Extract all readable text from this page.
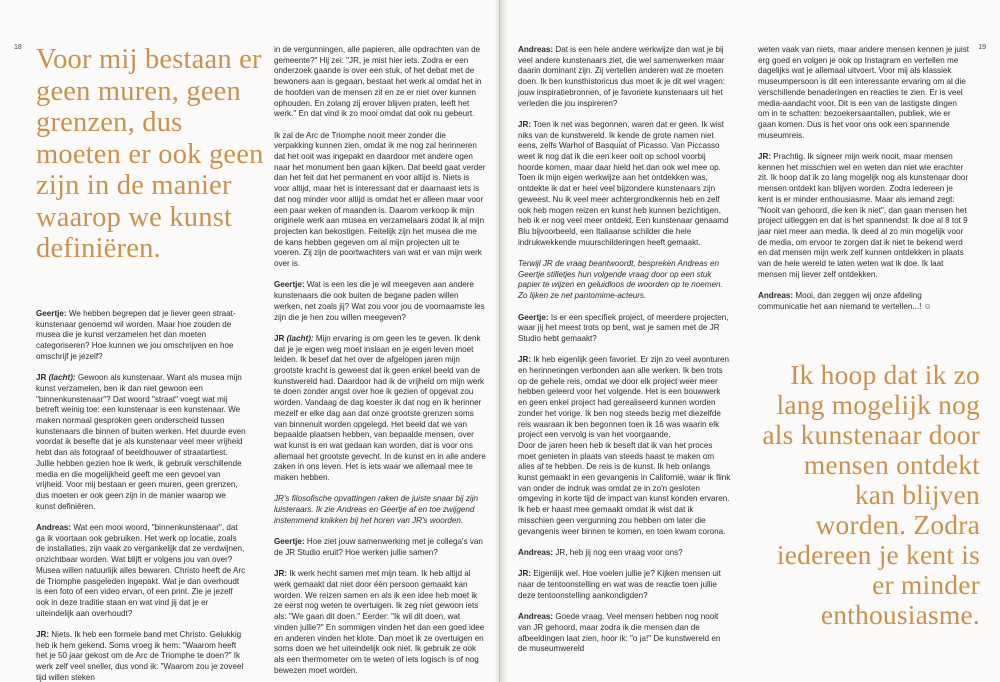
18 Voor mij bestaan er geen muren, geen grenzen, dus moeten er ook geen zijn in de manier waarop we kunst definiëren.

Geertje: We hebben begrepen dat je liever geen straatkunstenaar genoemd wil worden. Maar hoe zouden de musea die je kunst verzamelen het dan moeten categoriseren? Hoe kunnen we jou omschrijven en hoe omschrijf je jezelf?

JR (lacht): Gewoon als kunstenaar. Want als musea mijn kunst verzamelen, ben ik dan niet gewoon een "binnenkunstenaar"? Dat woord "straat" voegt wat mij betreft weinig toe: een kunstenaar is een kunstenaar. We maken normaal gesproken geen onderscheid tussen kunstenaars die binnen of buiten werken. Het duurde even voordat ik besefte dat je als kunstenaar veel meer vrijheid hebt dan als fotograaf of beeldhouwer of straatartiest. Jullie hebben gezien hoe ik werk, ik gebruik verschillende media en die mogelijkheid geeft me een gevoel van vrijheid. Voor mij bestaan er geen muren, geen grenzen, dus moeten er ook geen zijn in de manier waarop we kunst definiëren.

Andreas: Wat een mooi woord, "binnenkunstenaar", dat ga ik voortaan ook gebruiken. Het werk op locatie, zoals de installaties, zijn vaak zo vergankelijk dat ze verdwijnen, onzichtbaar worden. Wat blijft er volgens jou van over? Musea willen natuurlijk alles bewaren. Christo heeft de Arc de Triomphe pasgeleden ingepakt. Wat je dan overhoudt is een foto of een video ervan, of een print. Zie je jezelf ook in deze traditie staan en wat vind jij dat je er uiteindelijk aan overhoudt?

JR: Niets. Ik heb een formele band met Christo. Gelukkig heb ik hem gekend. Soms vroeg ik hem: "Waarom heeft het je 50 jaar gekost om de Arc de Triomphe te doen?" Ik werk zelf veel sneller, dus vond ik: "Waarom zou je zoveel tijd willen steken

in de vergunningen, alle papieren, alle opdrachten van de gemeente?" Hij zei: "JR, je mist hier iets. Zodra er een onderzoek gaande is over een stuk, of het debat met de bewoners aan is gegaan, bestaat het werk al omdat het in de hoofden van de mensen zit en ze er niet over kunnen ophouden. En zolang zij erover blijven praten, leeft het werk." En dat vind ik zo mooi omdat dat ook nu gebeurt.

Ik zal de Arc de Triomphe nooit meer zonder die verpakking kunnen zien, omdat ik me nog zal herinneren dat het ooit was ingepakt en daardoor met andere ogen naar het monument ben gaan kijken. Dat beeld gaat verder dan het feit dat het permanent en voor altijd is. Niets is voor altijd, maar het is interessant dat er daarnaast iets is dat nog minder voor altijd is omdat het er alleen maar voor een paar weken of maanden is. Daarom verkoop ik mijn originele werk aan musea en verzamelaars zodat ik al mijn projecten kan bekostigen. Feitelijk zijn het musea die me de kans hebben gegeven om al mijn projecten uit te voeren. Zij zijn de poortwachters van wat er van mijn werk over is.

Geertje: Wat is een les die je wil meegeven aan andere kunstenaars die ook buiten de begane paden willen werken, net zoals jij? Wat zou voor jou de voornaamste les zijn die je hen zou willen meegeven?

JR (lacht): Mijn ervaring is om geen les te geven. Ik denk dat je je eigen weg moet inslaan en je eigen leven moet leiden. Ik besef dat het over de afgelopen jaren mijn grootste kracht is geweest dat ik geen enkel beeld van de kunstwereld had. Daardoor had ik de vrijheid om mijn werk te doen zonder angst over hoe ik gezien of opgevat zou worden. Vandaag de dag koester ik dat nog en ik herinner mezelf er elke dag aan dat onze grootste grenzen soms van binnenuit worden opgelegd. Het beeld dat we van bepaalde plaatsen hebben, van bepaalde mensen, over wat kunst is en wat gedaan kan worden, dat is voor ons allemaal het grootste gevecht. In de kunst en in alle andere zaken in ons leven. Het is iets waar we allemaal mee te maken hebben.

JR's filosofische opvattingen raken de juiste snaar bij zijn luisteraars. Ik zie Andreas en Geertje af en toe zwijgend instemmend knikken bij het horen van JR's woorden.

Geertje: Hoe ziet jouw samenwerking met je collega's van de JR Studio eruit? Hoe werken jullie samen?

JR: Ik werk hecht samen met mijn team. Ik heb altijd al werk gemaakt dat niet door één persoon gemaakt kan worden. We reizen samen en als ik een idee heb moet ik ze eerst nog weten te overtuigen. Ik zeg niet gewoon iets als: "We gaan dit doen." Eerder: "Ik wil dit doen, wat vinden jullie?" En sommigen vinden het dan een goed idee en anderen vinden het klote. Dan moet ik ze overtuigen en soms doen we het uiteindelijk ook niet. Ik gebruik ze ook als een thermometer om te weten of iets logisch is of nog bewezen moet worden.

19

Andreas: Dat is een hele andere werkwijze dan wat je bij veel andere kunstenaars ziet, die wel samenwerken maar daarin dominant zijn. Zij vertellen anderen wat ze moeten doen. Ik ben kunsthistoricus dus moet ik je dit wel vragen: jouw inspiratiebronnen, of je favoriete kunstenaars uit het verleden die jou inspireren?

JR: Toen ik net was begonnen, waren dat er geen. Ik wist niks van de kunstwereld. Ik kende de grote namen niet eens, zelfs Warhol of Basquiat of Picasso. Van Piccasso weet ik nog dat ik die een keer ooit op school voorbij hoorde komen, maar daar hield het dan ook wel mee op. Toen ik mijn eigen werkwijze aan het ontdekken was, ontdekte ik dat er heel veel bijzondere kunstenaars zijn geweest. Nu ik veel meer achtergrondkennis heb en zelf ook heb mogen reizen en kunst heb kunnen bezichtigen, heb ik er nog veel meer ontdekt. Een kunstenaar genaamd Blu bijvoorbeeld, een Italiaanse schilder die hele indrukwekkende muurschilderingen heeft gemaakt.

Terwijl JR de vraag beantwoordt, bespreken Andreas en Geertje stilletjes hun volgende vraag door op een stuk papier te wijzen en geluidloos de woorden op te noemen. Zo lijken ze net pantomime-acteurs.

Geertje: Is er een specifiek project, of meerdere projecten, waar jij het meest trots op bent, wat je samen met de JR Studio hebt gemaakt?

JR: Ik heb eigenlijk geen favoriet. Er zijn zo veel avonturen en herinneringen verbonden aan alle werken. Ik ben trots op de gehele reis, omdat we door elk project weer meer hebben geleerd voor het volgende. Het is een bouwwerk en geen enkel project had gerealiseerd kunnen worden zonder het vorige. Ik ben nog steeds bezig met diezelfde reis waaraan ik ben begonnen toen ik 16 was waarin elk project een vervolg is van het voorgaande.
Door de jaren heen heb ik beseft dat ik van het proces moet genieten in plaats van steeds haast te maken om alles af te hebben. De reis is de kunst. Ik heb onlangs kunst gemaakt in een gevangenis in Californië, waar ik flink van onder de indruk was omdat ze in zo'n gesloten omgeving in korte tijd de impact van kunst konden ervaren. Ik heb er haast mee gemaakt omdat ik wist dat ik misschien geen vergunning zou hebben om later die gevangenis weer binnen te komen, en toen kwam corona.

Andreas: JR, heb jij nog een vraag voor ons?

JR: Eigenlijk wel. Hoe voelen jullie je? Kijken mensen uit naar de tentoonstelling en wat was de reactie toen jullie deze tentoonstelling aankondigden?

Andreas: Goede vraag. Veel mensen hebben nog nooit van JR gehoord, maar zodra ik die mensen dan de afbeeldingen laat zien, hoor ik: "o ja!" De kunstwereld en de museumwereld

weten vaak van niets, maar andere mensen kennen je juist erg goed en volgen je ook op Instagram en vertellen me dagelijks wat je allemaal uitvoert. Voor mij als klassiek museumpersoon is dit een interessante ervaring om al die verschillende benaderingen en reacties te zien. Er is veel media-aandacht voor. Dit is een van de lastigste dingen om in te schatten: bezoekersaantallen, publiek, wie er gaan komen. Dus is het voor ons ook een spannende museumreis.

JR: Prachtig. Ik signeer mijn werk nooit, maar mensen kennen het misschien wel en weten dan niet wie erachter zit. Ik hoop dat ik zo lang mogelijk nog als kunstenaar door mensen ontdekt kan blijven worden. Zodra iedereen je kent is er minder enthousiasme. Maar als iemand zegt: "Nooit van gehoord, die ken ik niet", dan gaan mensen het project uitleggen en dat is het spannendst. Ik doe al 8 tot 9 jaar niet meer aan media. Ik deed al zo min mogelijk voor de media, om ervoor te zorgen dat ik niet te bekend werd en dat mensen mijn werk zelf kunnen ontdekken in plaats van de hele wereld te laten weten wat ik doe. Ik laat mensen mij liever zelf ontdekken.

Andreas: Mooi, dan zeggen wij onze afdeling communicatie het aan niemand te vertellen...! ☺

Ik hoop dat ik zo lang mogelijk nog als kunstenaar door mensen ontdekt kan blijven worden. Zodra iedereen je kent is er minder enthousiasme.
